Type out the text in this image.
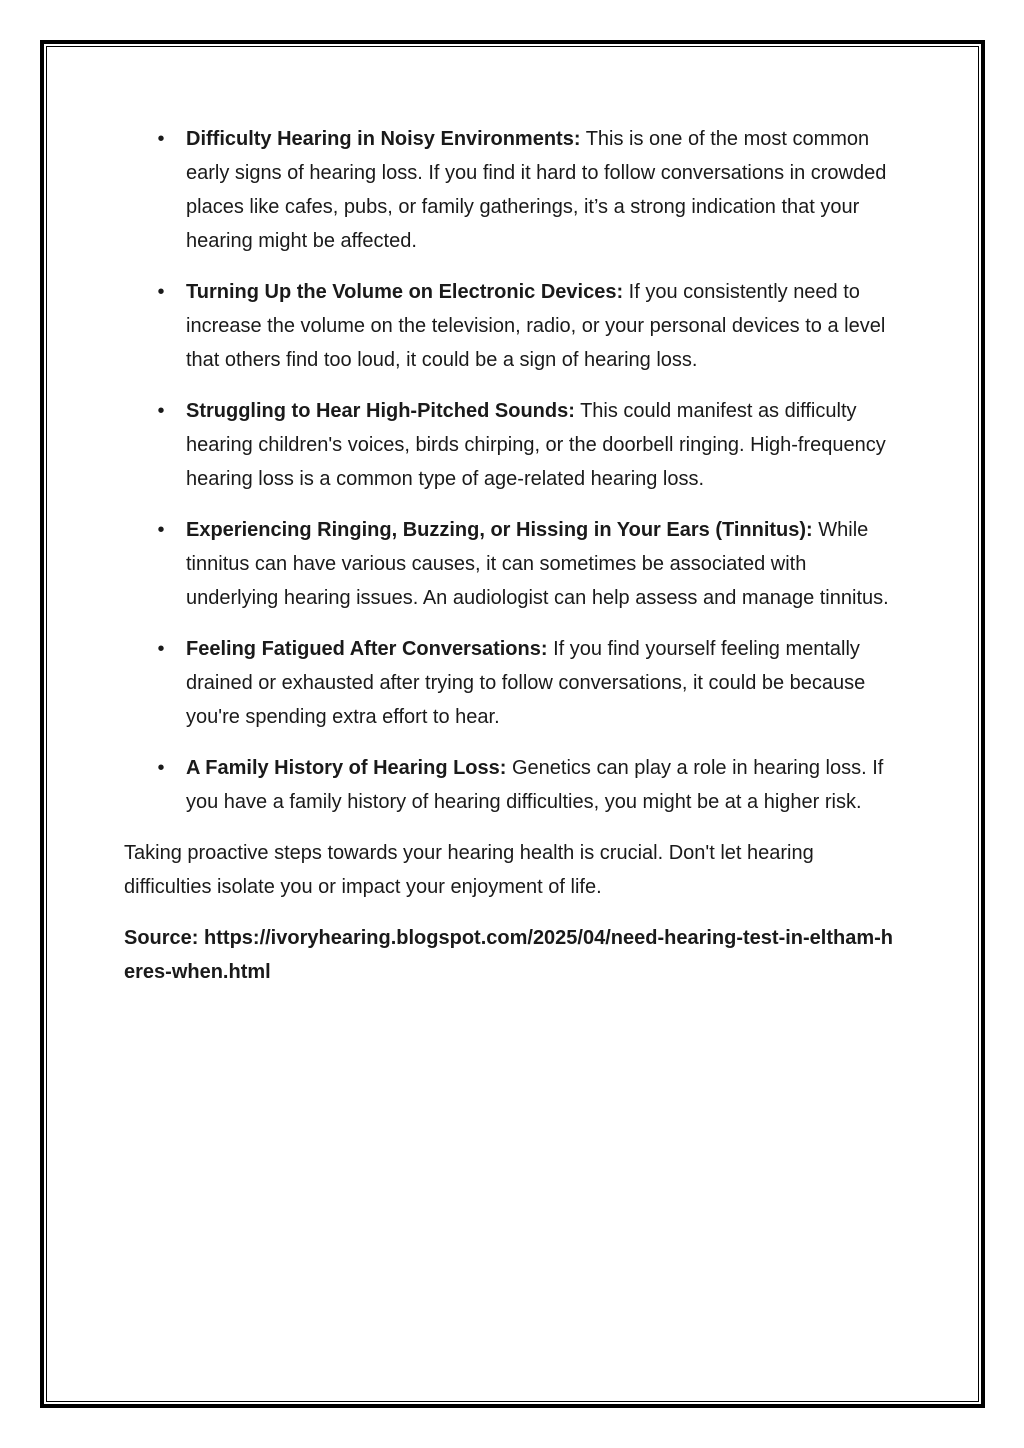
• Difficulty Hearing in Noisy Environments: This is one of the most common early signs of hearing loss. If you find it hard to follow conversations in crowded places like cafes, pubs, or family gatherings, it’s a strong indication that your hearing might be affected.
• Turning Up the Volume on Electronic Devices: If you consistently need to increase the volume on the television, radio, or your personal devices to a level that others find too loud, it could be a sign of hearing loss.
• Struggling to Hear High-Pitched Sounds: This could manifest as difficulty hearing children's voices, birds chirping, or the doorbell ringing. High-frequency hearing loss is a common type of age-related hearing loss.
• Experiencing Ringing, Buzzing, or Hissing in Your Ears (Tinnitus): While tinnitus can have various causes, it can sometimes be associated with underlying hearing issues. An audiologist can help assess and manage tinnitus.
• Feeling Fatigued After Conversations: If you find yourself feeling mentally drained or exhausted after trying to follow conversations, it could be because you're spending extra effort to hear.
• A Family History of Hearing Loss: Genetics can play a role in hearing loss. If you have a family history of hearing difficulties, you might be at a higher risk.

Taking proactive steps towards your hearing health is crucial. Don't let hearing difficulties isolate you or impact your enjoyment of life.

Source: https://ivoryhearing.blogspot.com/2025/04/need-hearing-test-in-eltham-heres-when.html
